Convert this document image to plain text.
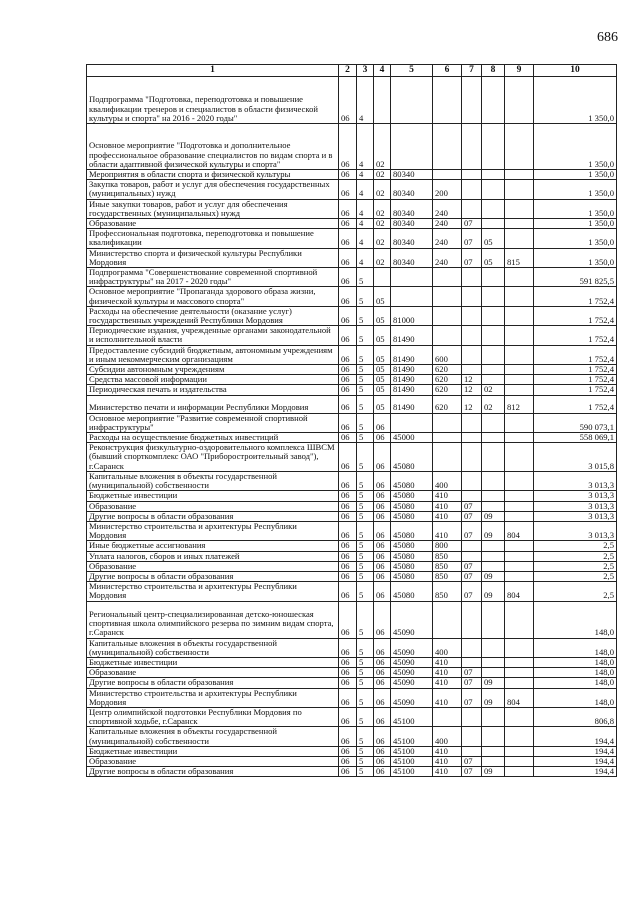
686
1	2	3	4	5	6	7	8	9	10
Подпрограмма "Подготовка, переподготовка и повышение квалификации тренеров и специалистов в области физической культуры и спорта" на 2016 - 2020 годы"	06	4							1 350,0
Основное мероприятие "Подготовка и дополнительное профессиональное образование специалистов по видам спорта и в области адаптивной физической культуры и спорта"	06	4	02						1 350,0
Мероприятия в области спорта и физической культуры	06	4	02	80340					1 350,0
Закупка товаров, работ и услуг для обеспечения государственных (муниципальных) нужд	06	4	02	80340	200				1 350,0
Иные закупки товаров, работ и услуг для обеспечения государственных (муниципальных) нужд	06	4	02	80340	240				1 350,0
Образование	06	4	02	80340	240	07			1 350,0
Профессиональная подготовка, переподготовка и повышение квалификации	06	4	02	80340	240	07	05		1 350,0
Министерство спорта и физической культуры Республики Мордовия	06	4	02	80340	240	07	05	815	1 350,0
Подпрограмма "Совершенствование современной спортивной инфраструктуры" на 2017 - 2020 годы"	06	5							591 825,5
Основное мероприятие "Пропаганда здорового образа жизни, физической культуры и массового спорта"	06	5	05						1 752,4
Расходы на обеспечение деятельности (оказание услуг) государственных учреждений Республики Мордовия	06	5	05	81000					1 752,4
Периодические издания, учрежденные органами законодательной и исполнительной власти	06	5	05	81490					1 752,4
Предоставление субсидий бюджетным, автономным учреждениям и иным некоммерческим организациям	06	5	05	81490	600				1 752,4
Субсидии автономным учреждениям	06	5	05	81490	620				1 752,4
Средства массовой информации	06	5	05	81490	620	12			1 752,4
Периодическая печать и издательства	06	5	05	81490	620	12	02		1 752,4
Министерство печати и информации Республики Мордовия	06	5	05	81490	620	12	02	812	1 752,4
Основное мероприятие "Развитие современной спортивной инфраструктуры"	06	5	06						590 073,1
Расходы на осуществление бюджетных инвестиций	06	5	06	45000					558 069,1
Реконструкция физкультурно-оздоровительного комплекса ШВСМ (бывший спорткомплекс ОАО "Приборостроительный завод"), г.Саранск	06	5	06	45080					3 015,8
Капитальные вложения в объекты государственной (муниципальной) собственности	06	5	06	45080	400				3 013,3
Бюджетные инвестиции	06	5	06	45080	410				3 013,3
Образование	06	5	06	45080	410	07			3 013,3
Другие вопросы в области образования	06	5	06	45080	410	07	09		3 013,3
Министерство строительства и архитектуры Республики Мордовия	06	5	06	45080	410	07	09	804	3 013,3
Иные бюджетные ассигнования	06	5	06	45080	800				2,5
Уплата налогов, сборов и иных платежей	06	5	06	45080	850				2,5
Образование	06	5	06	45080	850	07			2,5
Другие вопросы в области образования	06	5	06	45080	850	07	09		2,5
Министерство строительства и архитектуры Республики Мордовия	06	5	06	45080	850	07	09	804	2,5
Региональный центр-специализированная детско-юношеская спортивная школа олимпийского резерва по зимним видам спорта, г.Саранск	06	5	06	45090					148,0
Капитальные вложения в объекты государственной (муниципальной) собственности	06	5	06	45090	400				148,0
Бюджетные инвестиции	06	5	06	45090	410				148,0
Образование	06	5	06	45090	410	07			148,0
Другие вопросы в области образования	06	5	06	45090	410	07	09		148,0
Министерство строительства и архитектуры Республики Мордовия	06	5	06	45090	410	07	09	804	148,0
Центр олимпийской подготовки Республики Мордовия по спортивной ходьбе, г.Саранск	06	5	06	45100					806,8
Капитальные вложения в объекты государственной (муниципальной) собственности	06	5	06	45100	400				194,4
Бюджетные инвестиции	06	5	06	45100	410				194,4
Образование	06	5	06	45100	410	07			194,4
Другие вопросы в области образования	06	5	06	45100	410	07	09		194,4
